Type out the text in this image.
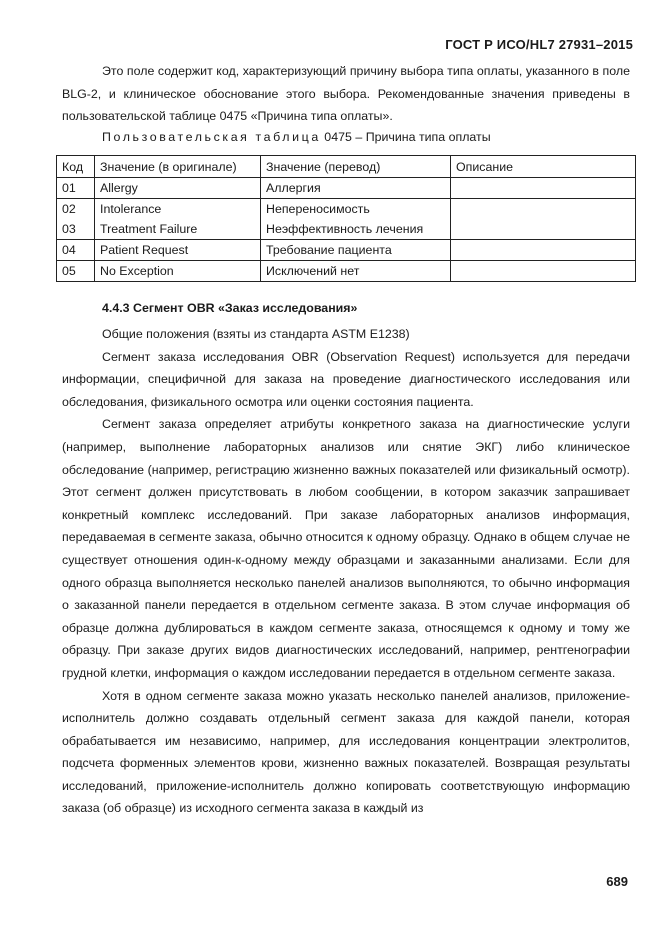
ГОСТ Р ИСО/HL7 27931–2015

Это поле содержит код, характеризующий причину выбора типа оплаты, указанного в поле BLG-2, и клиническое обоснование этого выбора. Рекомендованные значения приведены в пользовательской таблице 0475 «Причина типа оплаты».

Пользовательская таблица 0475 – Причина типа оплаты
Код	Значение (в оригинале)	Значение (перевод)	Описание
01	Allergy	Аллергия	
02	Intolerance	Непереносимость	
03	Treatment Failure	Неэффективность лечения	
04	Patient Request	Требование пациента	
05	No Exception	Исключений нет	
4.4.3 Сегмент OBR «Заказ исследования»

Общие положения (взяты из стандарта ASTM E1238)

Сегмент заказа исследования OBR (Observation Request) используется для передачи информации, специфичной для заказа на проведение диагностического исследования или обследования, физикального осмотра или оценки состояния пациента.

Сегмент заказа определяет атрибуты конкретного заказа на диагностические услуги (например, выполнение лабораторных анализов или снятие ЭКГ) либо клиническое обследование (например, регистрацию жизненно важных показателей или физикальный осмотр). Этот сегмент должен присутствовать в любом сообщении, в котором заказчик запрашивает конкретный комплекс исследований. При заказе лабораторных анализов информация, передаваемая в сегменте заказа, обычно относится к одному образцу. Однако в общем случае не существует отношения один-к-одному между образцами и заказанными анализами. Если для одного образца выполняется несколько панелей анализов выполняются, то обычно информация о заказанной панели передается в отдельном сегменте заказа. В этом случае информация об образце должна дублироваться в каждом сегменте заказа, относящемся к одному и тому же образцу. При заказе других видов диагностических исследований, например, рентгенографии грудной клетки, информация о каждом исследовании передается в отдельном сегменте заказа.

Хотя в одном сегменте заказа можно указать несколько панелей анализов, приложение-исполнитель должно создавать отдельный сегмент заказа для каждой панели, которая обрабатывается им независимо, например, для исследования концентрации электролитов, подсчета форменных элементов крови, жизненно важных показателей. Возвращая результаты исследований, приложение-исполнитель должно копировать соответствующую информацию заказа (об образце) из исходного сегмента заказа в каждый из

689
